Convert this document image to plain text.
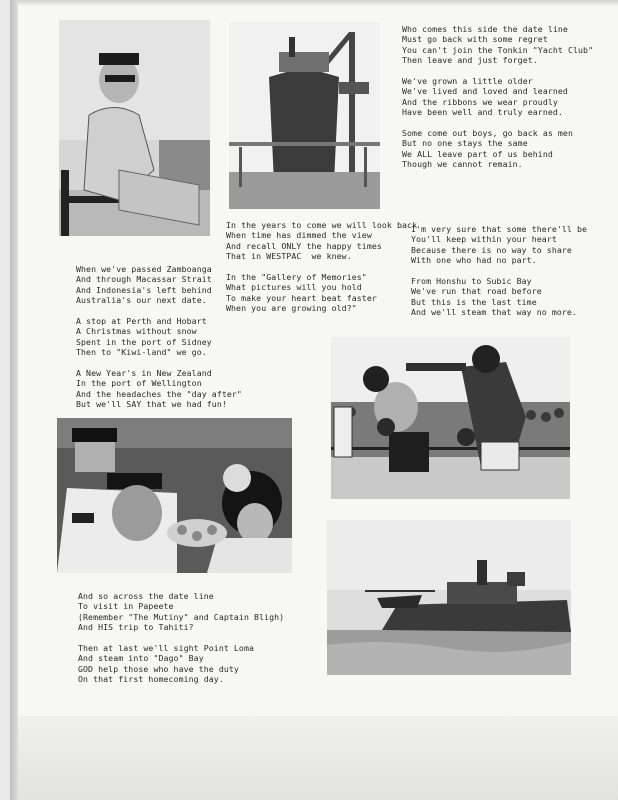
Who comes this side the date line
Must go back with some regret
You can't join the Tonkin "Yacht Club"
Then leave and just forget.

We've grown a little older
We've lived and loved and learned
And the ribbons we wear proudly
Have been well and truly earned.

Some come out boys, go back as men
But no one stays the same
We ALL leave part of us behind
Though we cannot remain.
In the years to come we will look back
When time has dimmed the view
And recall ONLY the happy times
That in WESTPAC  we knew.

In the "Gallery of Memories"
What pictures will you hold
To make your heart beat faster
When you are growing old?"
I'm very sure that some there'll be
You'll keep within your heart
Because there is no way to share
With one who had no part.

From Honshu to Subic Bay
We've run that road before
But this is the last time
And we'll steam that way no more.
When we've passed Zamboanga
And through Macassar Strait
And Indonesia's left behind
Australia's our next date.

A stop at Perth and Hobart
A Christmas without snow
Spent in the port of Sidney
Then to "Kiwi-land" we go.

A New Year's in New Zealand
In the port of Wellington
And the headaches the "day after"
But we'll SAY that we had fun!
And so across the date line
To visit in Papeete
(Remember "The Mutiny" and Captain Bligh)
And HIS trip to Tahiti?

Then at last we'll sight Point Loma
And steam into "Dago" Bay
GOD help those who have the duty
On that first homecoming day.
